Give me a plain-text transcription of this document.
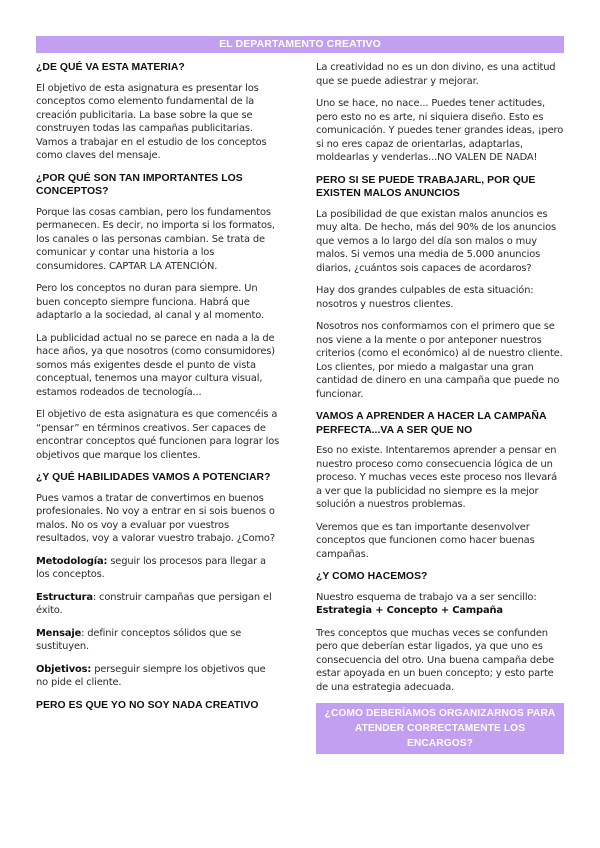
EL DEPARTAMENTO CREATIVO
¿DE QUÉ VA ESTA MATERIA?

El objetivo de esta asignatura es presentar los conceptos como elemento fundamental de la creación publicitaria. La base sobre la que se construyen todas las campañas publicitarias. Vamos a trabajar en el estudio de los conceptos como claves del mensaje.

¿POR QUÉ SON TAN IMPORTANTES LOS CONCEPTOS?

Porque las cosas cambian, pero los fundamentos permanecen. Es decir, no importa si los formatos, los canales o las personas cambian. Se trata de comunicar y contar una historia a los consumidores. CAPTAR LA ATENCIÓN.

Pero los conceptos no duran para siempre. Un buen concepto siempre funciona. Habrá que adaptarlo a la sociedad, al canal y al momento.

La publicidad actual no se parece en nada a la de hace años, ya que nosotros (como consumidores) somos más exigentes desde el punto de vista conceptual, tenemos una mayor cultura visual, estamos rodeados de tecnología...

El objetivo de esta asignatura es que comencéis a “pensar” en términos creativos. Ser capaces de encontrar conceptos qué funcionen para lograr los objetivos que marque los clientes.

¿Y QUÉ HABILIDADES VAMOS A POTENCIAR?

Pues vamos a tratar de convertirnos en buenos profesionales. No voy a entrar en si sois buenos o malos. No os voy a evaluar por vuestros resultados, voy a valorar vuestro trabajo. ¿Como?

Metodología: seguir los procesos para llegar a los conceptos.

Estructura: construir campañas que persigan el éxito.

Mensaje: definir conceptos sólidos que se sustituyen.

Objetivos: perseguir siempre los objetivos que no pide el cliente.

PERO ES QUE YO NO SOY NADA CREATIVO

La creatividad no es un don divino, es una actitud que se puede adiestrar y mejorar.

Uno se hace, no nace... Puedes tener actitudes, pero esto no es arte, ni siquiera diseño. Esto es comunicación. Y puedes tener grandes ideas, ¡pero si no eres capaz de orientarlas, adaptarlas, moldearlas y venderlas...NO VALEN DE NADA!

PERO SI SE PUEDE TRABAJARL, POR QUE EXISTEN MALOS ANUNCIOS

La posibilidad de que existan malos anuncios es muy alta. De hecho, más del 90% de los anuncios que vemos a lo largo del día son malos o muy malos. Si vemos una media de 5.000 anuncios diarios, ¿cuántos sois capaces de acordaros?

Hay dos grandes culpables de esta situación: nosotros y nuestros clientes.

Nosotros nos conformamos con el primero que se nos viene a la mente o por anteponer nuestros criterios (como el económico) al de nuestro cliente. Los clientes, por miedo a malgastar una gran cantidad de dinero en una campaña que puede no funcionar.

VAMOS A APRENDER A HACER LA CAMPAÑA PERFECTA...VA A SER QUE NO

Eso no existe. Intentaremos aprender a pensar en nuestro proceso como consecuencia lógica de un proceso. Y muchas veces este proceso nos llevará a ver que la publicidad no siempre es la mejor solución a nuestros problemas.

Veremos que es tan importante desenvolver conceptos que funcionen como hacer buenas campañas.

¿Y COMO HACEMOS?

Nuestro esquema de trabajo va a ser sencillo:
Estrategia + Concepto + Campaña

Tres conceptos que muchas veces se confunden pero que deberían estar ligados, ya que uno es consecuencia del otro. Una buena campaña debe estar apoyada en un buen concepto; y esto parte de una estrategia adecuada.

¿COMO DEBERÍAMOS ORGANIZARNOS PARA ATENDER CORRECTAMENTE LOS ENCARGOS?
